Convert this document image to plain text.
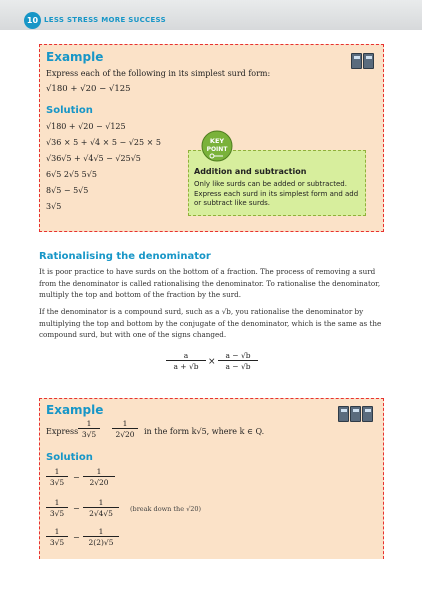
10 LESS STRESS MORE SUCCESS
Example
Express each of the following in its simplest surd form:
√180 + √20 − √125
Solution
√180 + √20 − √125
√36 × 5 + √4 × 5 − √25 × 5
√36√5 + √4√5 − √25√5
6√5 2√5 5√5
8√5 − 5√5
3√5
Addition and subtraction
Only like surds can be added or subtracted. Express each surd in its simplest form and add or subtract like surds.
KEY
POINT
Rationalising the denominator
It is poor practice to have surds on the bottom of a fraction. The process of removing a surd from the denominator is called rationalising the denominator. To rationalise the denominator, multiply the top and bottom of the fraction by the surd.
If the denominator is a compound surd, such as a √b, you rationalise the denominator by multiplying the top and bottom by the conjugate of the denominator, which is the same as the compound surd, but with one of the signs changed.
$\frac{a}{a + √b} \times \frac{a - √b}{a - √b}$
Example
Express $\frac{1}{3√5} \frac{1}{2√20}$ in the form k√5, where k ∈ Q.
Solution
$\frac{1}{3√5} - \frac{1}{2√20}$
$\frac{1}{3√5} - \frac{1}{2√4√5}$ (break down the √20)
$\frac{1}{3√5} - \frac{1}{2(2)√5}$
